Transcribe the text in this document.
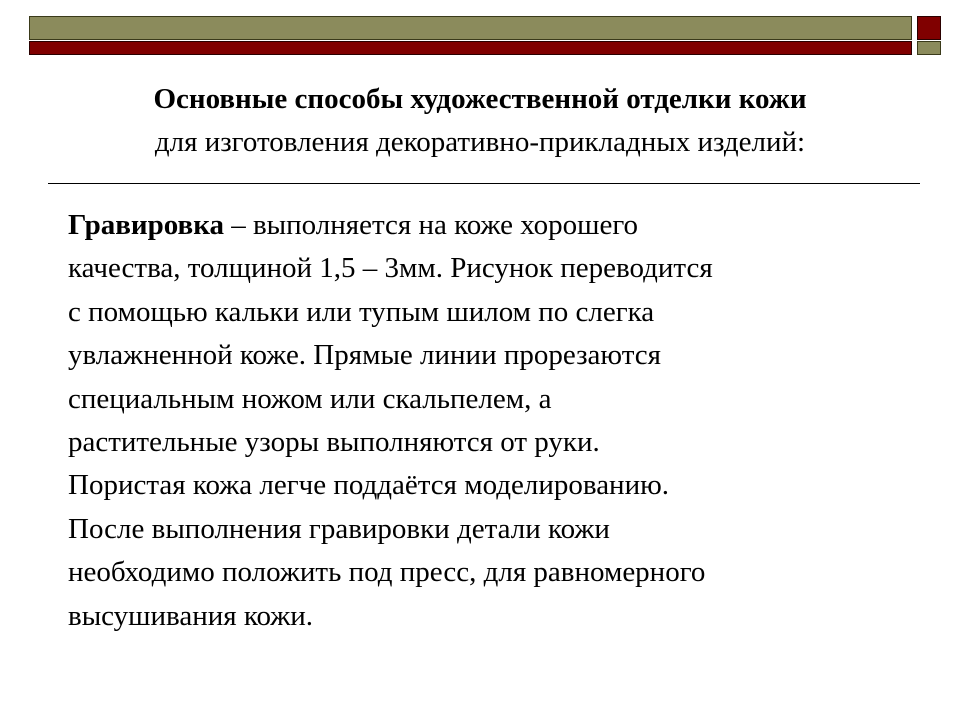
Основные способы художественной отделки кожи
для изготовления декоративно-прикладных изделий:

Гравировка – выполняется на коже хорошего
качества, толщиной 1,5 – 3мм. Рисунок переводится
с помощью кальки или тупым шилом по слегка
увлажненной коже. Прямые линии прорезаются
специальным ножом или скальпелем, а
растительные узоры выполняются от руки.
Пористая кожа легче поддаётся моделированию.
После выполнения гравировки детали кожи
необходимо положить под пресс, для равномерного
высушивания кожи.
